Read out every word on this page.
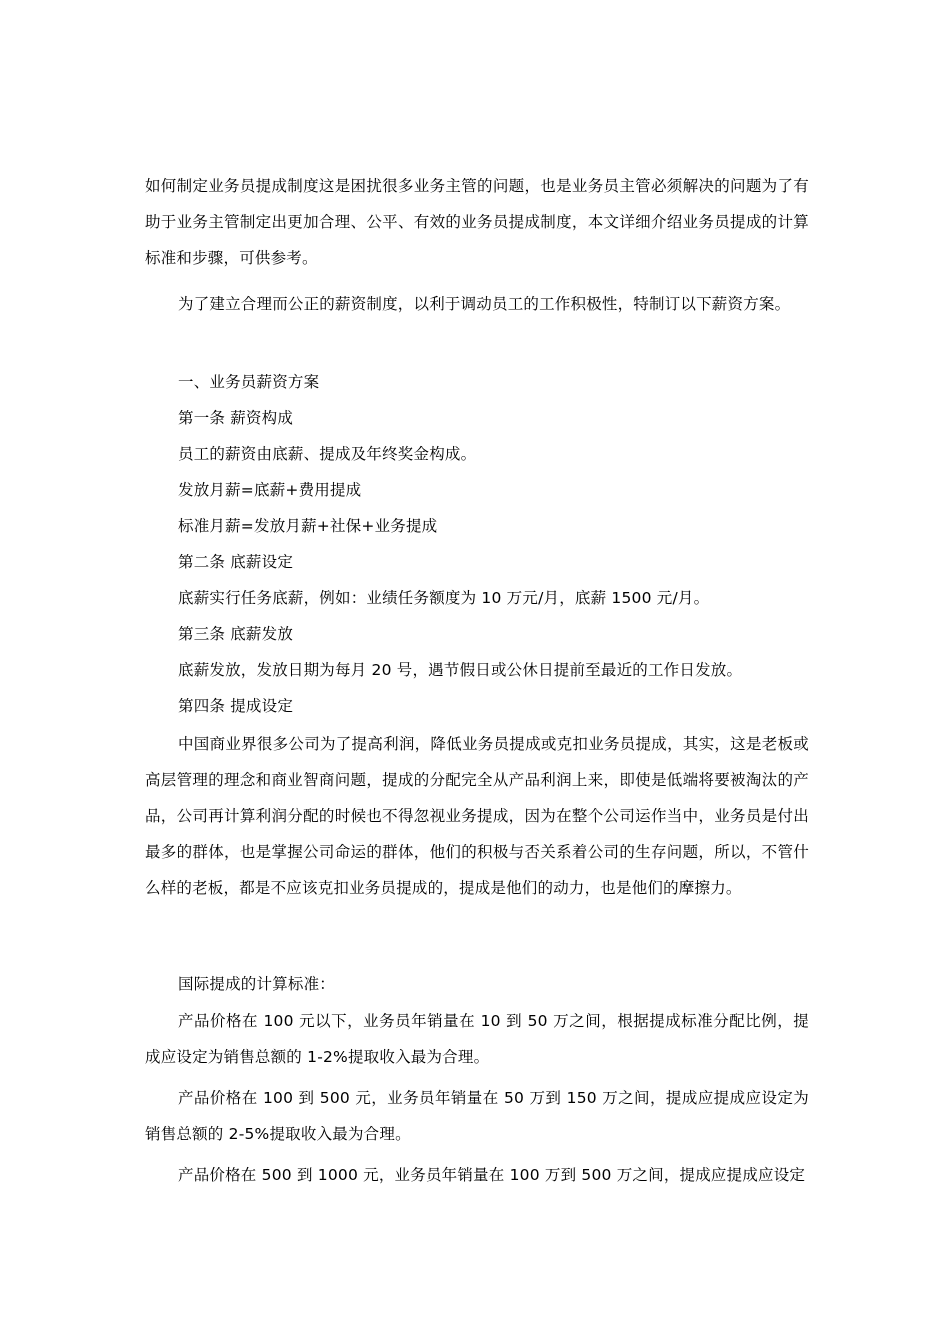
如何制定业务员提成制度这是困扰很多业务主管的问题，也是业务员主管必须解决的问题为了有助于业务主管制定出更加合理、公平、有效的业务员提成制度，本文详细介绍业务员提成的计算标准和步骤，可供参考。

为了建立合理而公正的薪资制度，以利于调动员工的工作积极性，特制订以下薪资方案。

一、业务员薪资方案

第一条 薪资构成

员工的薪资由底薪、提成及年终奖金构成。

发放月薪=底薪+费用提成

标准月薪=发放月薪+社保+业务提成

第二条 底薪设定

底薪实行任务底薪，例如：业绩任务额度为 10 万元/月，底薪 1500 元/月。

第三条 底薪发放

底薪发放，发放日期为每月 20 号，遇节假日或公休日提前至最近的工作日发放。

第四条 提成设定

中国商业界很多公司为了提高利润，降低业务员提成或克扣业务员提成，其实，这是老板或高层管理的理念和商业智商问题，提成的分配完全从产品利润上来，即使是低端将要被淘汰的产品，公司再计算利润分配的时候也不得忽视业务提成，因为在整个公司运作当中，业务员是付出最多的群体，也是掌握公司命运的群体，他们的积极与否关系着公司的生存问题，所以，不管什么样的老板，都是不应该克扣业务员提成的，提成是他们的动力，也是他们的摩擦力。

国际提成的计算标准：

产品价格在 100 元以下，业务员年销量在 10 到 50 万之间，根据提成标准分配比例，提成应设定为销售总额的 1-2%提取收入最为合理。

产品价格在 100 到 500 元，业务员年销量在 50 万到 150 万之间，提成应提成应设定为销售总额的 2-5%提取收入最为合理。

产品价格在 500 到 1000 元，业务员年销量在 100 万到 500 万之间，提成应提成应设定
